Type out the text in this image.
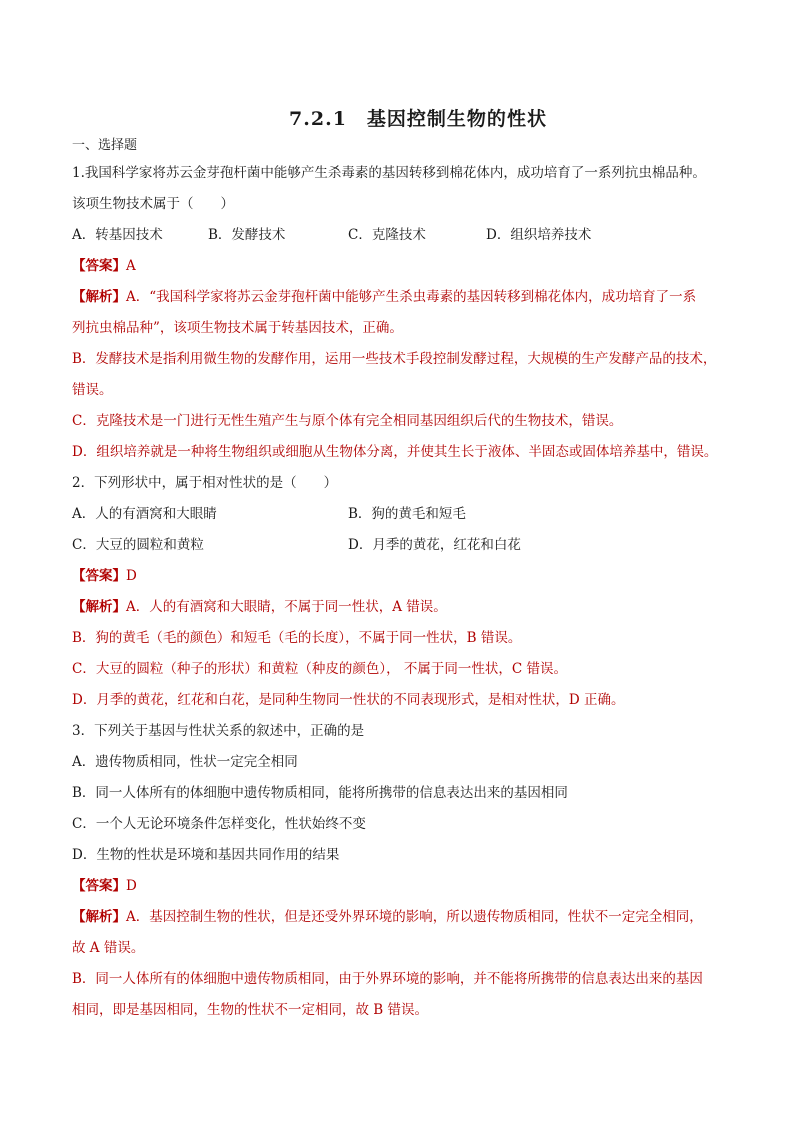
7.2.1　基因控制生物的性状
一、选择题
1.我国科学家将苏云金芽孢杆菌中能够产生杀毒素的基因转移到棉花体内，成功培育了一系列抗虫棉品种。
该项生物技术属于（　　）
A．转基因技术	B．发酵技术	C．克隆技术	D．组织培养技术
【答案】A
【解析】A．“我国科学家将苏云金芽孢杆菌中能够产生杀虫毒素的基因转移到棉花体内，成功培育了一系
列抗虫棉品种”，该项生物技术属于转基因技术，正确。
B．发酵技术是指利用微生物的发酵作用，运用一些技术手段控制发酵过程，大规模的生产发酵产品的技术，
错误。
C．克隆技术是一门进行无性生殖产生与原个体有完全相同基因组织后代的生物技术，错误。
D．组织培养就是一种将生物组织或细胞从生物体分离，并使其生长于液体、半固态或固体培养基中，错误。
2．下列形状中，属于相对性状的是（　　）
A．人的有酒窝和大眼睛	B．狗的黄毛和短毛
C．大豆的圆粒和黄粒	D．月季的黄花，红花和白花
【答案】D
【解析】A．人的有酒窝和大眼睛，不属于同一性状，A 错误。
B．狗的黄毛（毛的颜色）和短毛（毛的长度），不属于同一性状，B 错误。
C．大豆的圆粒（种子的形状）和黄粒（种皮的颜色）， 不属于同一性状，C 错误。
D．月季的黄花，红花和白花，是同种生物同一性状的不同表现形式，是相对性状，D 正确。
3．下列关于基因与性状关系的叙述中，正确的是
A．遗传物质相同，性状一定完全相同
B．同一人体所有的体细胞中遗传物质相同，能将所携带的信息表达出来的基因相同
C．一个人无论环境条件怎样变化，性状始终不变
D．生物的性状是环境和基因共同作用的结果
【答案】D
【解析】A．基因控制生物的性状，但是还受外界环境的影响，所以遗传物质相同，性状不一定完全相同，
故 A 错误。
B．同一人体所有的体细胞中遗传物质相同，由于外界环境的影响，并不能将所携带的信息表达出来的基因
相同，即是基因相同，生物的性状不一定相同，故 B 错误。
